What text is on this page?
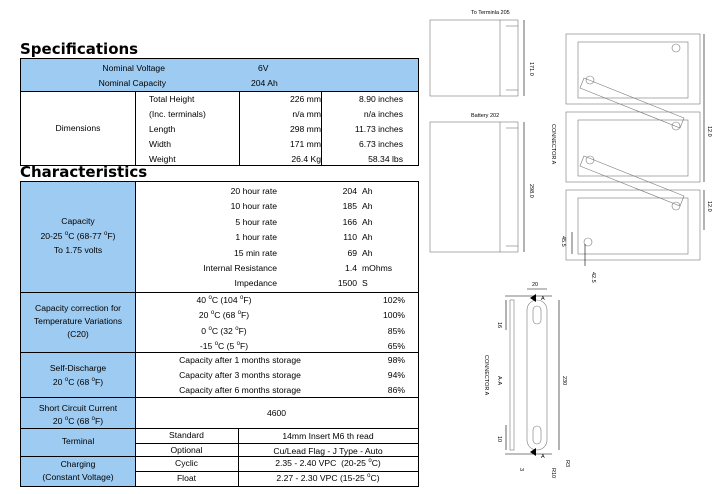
Specifications
Nominal Voltage	6V
Nominal Capacity	204 Ah
Dimensions
Total Height	226 mm	8.90 inches
(Inc. terminals)	n/a mm	n/a inches
Length	298 mm	11.73 inches
Width	171 mm	6.73 inches
Weight	26.4 Kg	58.34 lbs
Characteristics
Capacity
20-25 $^o$C (68-77 $^o$F)
To 1.75 volts
20 hour rate	204 Ah
10 hour rate	185 Ah
5 hour rate	166 Ah
1 hour rate	110 Ah
15 min rate	69 Ah
Internal Resistance	1.4 mOhms
Impedance	1500 S
Capacity correction for
Temperature Variations
(C20)
40 $^o$C (104 $^o$F)	102%
20 $^o$C (68 $^o$F)	100%
0 $^o$C (32 $^o$F)	85%
-15 $^o$C (5 $^o$F)	65%
Self-Discharge
20 $^o$C (68 $^o$F)
Capacity after 1 months storage	98%
Capacity after 3 months storage	94%
Capacity after 6 months storage	86%
Short Circuit Current
20 $^o$C (68 $^o$F)
4600
Terminal
Standard	14mm Insert M6 th read
Optional	Cu/Lead Flag - J Type - Auto
Charging
(Constant Voltage)
Cyclic	2.35 - 2.40 VPC  (20-25 $^o$C)
Float	2.27 - 2.30 VPC (15-25 $^o$C)
To Terminla 205
171.0
Battery 202
298.0
CONNECTOR A	12.0
12.0
45.5
42.5
20
A
16
CONNECTOR A A-A	230
10
A
3	R10
R3
